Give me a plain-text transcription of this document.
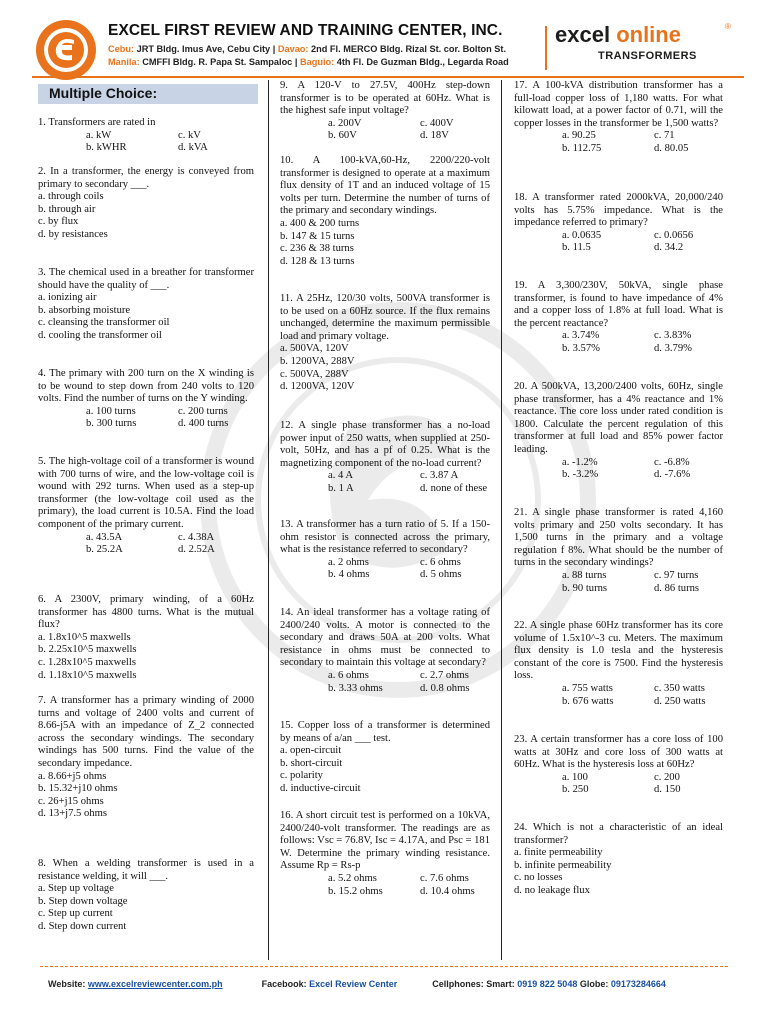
EXCEL FIRST REVIEW AND TRAINING CENTER, INC.
Cebu: JRT Bldg. Imus Ave, Cebu City | Davao: 2nd Fl. MERCO Bldg. Rizal St. cor. Bolton St.
Manila: CMFFI Bldg. R. Papa St. Sampaloc | Baguio: 4th Fl. De Guzman Bldg., Legarda Road
excel online	®
TRANSFORMERS
Multiple Choice:
1. Transformers are rated in
a. kW	c. kV
b. kWHR	d. kVA
2. In a transformer, the energy is conveyed from primary to secondary ___.
a. through coils
b. through air
c. by flux
d. by resistances
3. The chemical used in a breather for transformer should have the quality of ___.
a. ionizing air
b. absorbing moisture
c. cleansing the transformer oil
d. cooling the transformer oil
4. The primary with 200 turn on the X winding is to be wound to step down from 240 volts to 120 volts. Find the number of turns on the Y winding.
a. 100 turns	c. 200 turns
b. 300 turns	d. 400 turns
5. The high-voltage coil of a transformer is wound with 700 turns of wire, and the low-voltage coil is wound with 292 turns. When used as a step-up transformer (the low-voltage coil used as the primary), the load current is 10.5A. Find the load component of the primary current.
a. 43.5A	c. 4.38A
b. 25.2A	d. 2.52A
6. A 2300V, primary winding, of a 60Hz transformer has 4800 turns. What is the mutual flux?
a. 1.8x10^5 maxwells
b. 2.25x10^5 maxwells
c. 1.28x10^5 maxwells
d. 1.18x10^5 maxwells
7. A transformer has a primary winding of 2000 turns and voltage of 2400 volts and current of 8.66-j5A with an impedance of Z_2 connected across the secondary windings. The secondary windings has 500 turns. Find the value of the secondary impedance.
a. 8.66+j5 ohms
b. 15.32+j10 ohms
c. 26+j15 ohms
d. 13+j7.5 ohms
8. When a welding transformer is used in a resistance welding, it will ___.
a. Step up voltage
b. Step down voltage
c. Step up current
d. Step down current
9. A 120-V to 27.5V, 400Hz step-down transformer is to be operated at 60Hz. What is the highest safe input voltage?
a. 200V	c. 400V
b. 60V	d. 18V
10. A 100-kVA,60-Hz, 2200/220-volt transformer is designed to operate at a maximum flux density of 1T and an induced voltage of 15 volts per turn. Determine the number of turns of the primary and secondary windings.
a. 400 & 200 turns
b. 147 & 15 turns
c. 236 & 38 turns
d. 128 & 13 turns
11. A 25Hz, 120/30 volts, 500VA transformer is to be used on a 60Hz source. If the flux remains unchanged, determine the maximum permissible load and primary voltage.
a. 500VA, 120V
b. 1200VA, 288V
c. 500VA, 288V
d. 1200VA, 120V
12. A single phase transformer has a no-load power input of 250 watts, when supplied at 250-volt, 50Hz, and has a pf of 0.25. What is the magnetizing component of the no-load current?
a. 4 A	c. 3.87 A
b. 1 A	d. none of these
13. A transformer has a turn ratio of 5. If a 150-ohm resistor is connected across the primary, what is the resistance referred to secondary?
a. 2 ohms	c. 6 ohms
b. 4 ohms	d. 5 ohms
14. An ideal transformer has a voltage rating of 2400/240 volts. A motor is connected to the secondary and draws 50A at 200 volts. What resistance in ohms must be connected to secondary to maintain this voltage at secondary?
a. 6 ohms	c. 2.7 ohms
b. 3.33 ohms	d. 0.8 ohms
15. Copper loss of a transformer is determined by means of a/an ___ test.
a. open-circuit
b. short-circuit
c. polarity
d. inductive-circuit
16. A short circuit test is performed on a 10kVA, 2400/240-volt transformer. The readings are as follows: Vsc = 76.8V, Isc = 4.17A, and Psc = 181 W. Determine the primary winding resistance. Assume Rp = Rs-p
a. 5.2 ohms	c. 7.6 ohms
b. 15.2 ohms	d. 10.4 ohms
17. A 100-kVA distribution transformer has a full-load copper loss of 1,180 watts. For what kilowatt load, at a power factor of 0.71, will the copper losses in the transformer be 1,500 watts?
a. 90.25	c. 71
b. 112.75	d. 80.05
18. A transformer rated 2000kVA, 20,000/240 volts has 5.75% impedance. What is the impedance referred to primary?
a. 0.0635	c. 0.0656
b. 11.5	d. 34.2
19. A 3,300/230V, 50kVA, single phase transformer, is found to have impedance of 4% and a copper loss of 1.8% at full load. What is the percent reactance?
a. 3.74%	c. 3.83%
b. 3.57%	d. 3.79%
20. A 500kVA, 13,200/2400 volts, 60Hz, single phase transformer, has a 4% reactance and 1% reactance. The core loss under rated condition is 1800. Calculate the percent regulation of this transformer at full load and 85% power factor leading.
a. -1.2%	c. -6.8%
b. -3.2%	d. -7.6%
21. A single phase transformer is rated 4,160 volts primary and 250 volts secondary. It has 1,500 turns in the primary and a voltage regulation f 8%. What should be the number of turns in the secondary windings?
a. 88 turns	c. 97 turns
b. 90 turns	d. 86 turns
22. A single phase 60Hz transformer has its core volume of 1.5x10^-3 cu. Meters. The maximum flux density is 1.0 tesla and the hysteresis constant of the core is 7500. Find the hysteresis loss.
a. 755 watts	c. 350 watts
b. 676 watts	d. 250 watts
23. A certain transformer has a core loss of 100 watts at 30Hz and core loss of 300 watts at 60Hz. What is the hysteresis loss at 60Hz?
a. 100	c. 200
b. 250	d. 150
24. Which is not a characteristic of an ideal transformer?
a. finite permeability
b. infinite permeability
c. no losses
d. no leakage flux
Website: www.excelreviewcenter.com.ph	Facebook: Excel Review Center	Cellphones: Smart: 0919 822 5048 Globe: 09173284664
